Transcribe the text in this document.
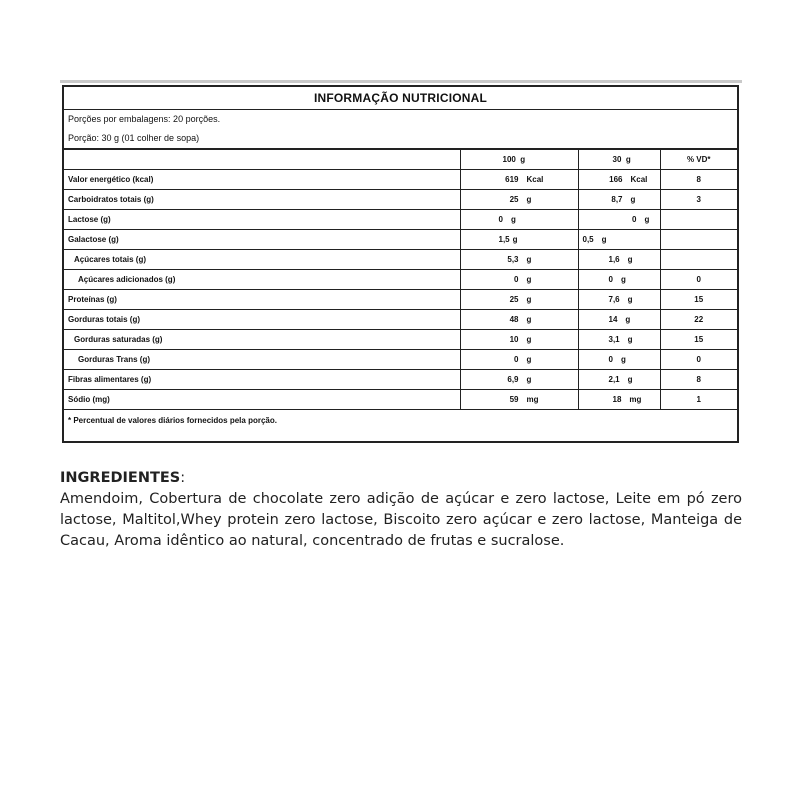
INFORMAÇÃO NUTRICIONAL
Porções por embalagens: 20 porções.
Porção: 30 g (01 colher de sopa)
	100  g	30  g	% VD*
Valor energético (kcal)	619 Kcal	166 Kcal	8
Carboidratos totais (g)	25 g	8,7 g	3
Lactose (g)	0 g	0 g	
Galactose (g)	1,5 g	0,5 g	
Açúcares totais (g)	5,3 g	1,6 g	
Açúcares adicionados (g)	0 g	0 g	0
Proteínas (g)	25 g	7,6 g	15
Gorduras totais (g)	48 g	14 g	22
Gorduras saturadas (g)	10 g	3,1 g	15
Gorduras Trans (g)	0 g	0 g	0
Fibras alimentares (g)	6,9 g	2,1 g	8
Sódio (mg)	59 mg	18 mg	1
* Percentual de valores diários fornecidos pela porção.
INGREDIENTES:
Amendoim, Cobertura de chocolate zero adição de açúcar e zero lactose, Leite em pó zero lactose, Maltitol,Whey protein zero lactose, Biscoito zero açúcar e zero lactose, Manteiga de Cacau, Aroma idêntico ao natural, concentrado de frutas e sucralose.
